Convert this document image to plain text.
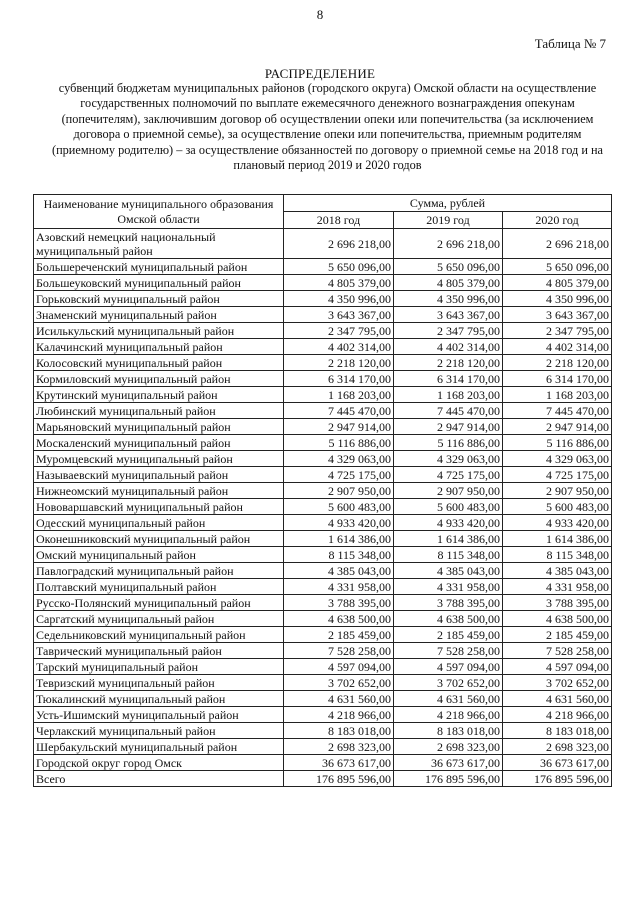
8
Таблица № 7
РАСПРЕДЕЛЕНИЕ
субвенций бюджетам муниципальных районов (городского округа) Омской области на осуществление государственных полномочий по выплате ежемесячного денежного вознаграждения опекунам (попечителям), заключившим договор об осуществлении опеки или попечительства (за исключением договора о приемной семье), за осуществление опеки или попечительства, приемным родителям (приемному родителю) – за осуществление обязанностей по договору о приемной семье на 2018 год и на плановый период 2019 и 2020 годов
Наименование муниципального образования Омской области	Сумма, рублей		
	2018 год	2019 год	2020 год
Азовский немецкий национальный муниципальный район	2 696 218,00	2 696 218,00	2 696 218,00
Большереченский муниципальный район	5 650 096,00	5 650 096,00	5 650 096,00
Большеуковский муниципальный район	4 805 379,00	4 805 379,00	4 805 379,00
Горьковский муниципальный район	4 350 996,00	4 350 996,00	4 350 996,00
Знаменский муниципальный район	3 643 367,00	3 643 367,00	3 643 367,00
Исилькульский муниципальный район	2 347 795,00	2 347 795,00	2 347 795,00
Калачинский муниципальный район	4 402 314,00	4 402 314,00	4 402 314,00
Колосовский муниципальный район	2 218 120,00	2 218 120,00	2 218 120,00
Кормиловский муниципальный район	6 314 170,00	6 314 170,00	6 314 170,00
Крутинский муниципальный район	1 168 203,00	1 168 203,00	1 168 203,00
Любинский муниципальный район	7 445 470,00	7 445 470,00	7 445 470,00
Марьяновский муниципальный район	2 947 914,00	2 947 914,00	2 947 914,00
Москаленский муниципальный район	5 116 886,00	5 116 886,00	5 116 886,00
Муромцевский муниципальный район	4 329 063,00	4 329 063,00	4 329 063,00
Называевский муниципальный район	4 725 175,00	4 725 175,00	4 725 175,00
Нижнеомский муниципальный район	2 907 950,00	2 907 950,00	2 907 950,00
Нововаршавский муниципальный район	5 600 483,00	5 600 483,00	5 600 483,00
Одесский муниципальный район	4 933 420,00	4 933 420,00	4 933 420,00
Оконешниковский муниципальный район	1 614 386,00	1 614 386,00	1 614 386,00
Омский муниципальный район	8 115 348,00	8 115 348,00	8 115 348,00
Павлоградский муниципальный район	4 385 043,00	4 385 043,00	4 385 043,00
Полтавский муниципальный район	4 331 958,00	4 331 958,00	4 331 958,00
Русско-Полянский муниципальный район	3 788 395,00	3 788 395,00	3 788 395,00
Саргатский муниципальный район	4 638 500,00	4 638 500,00	4 638 500,00
Седельниковский муниципальный район	2 185 459,00	2 185 459,00	2 185 459,00
Таврический муниципальный район	7 528 258,00	7 528 258,00	7 528 258,00
Тарский муниципальный район	4 597 094,00	4 597 094,00	4 597 094,00
Тевризский муниципальный район	3 702 652,00	3 702 652,00	3 702 652,00
Тюкалинский муниципальный район	4 631 560,00	4 631 560,00	4 631 560,00
Усть-Ишимский муниципальный район	4 218 966,00	4 218 966,00	4 218 966,00
Черлакский муниципальный район	8 183 018,00	8 183 018,00	8 183 018,00
Шербакульский муниципальный район	2 698 323,00	2 698 323,00	2 698 323,00
Городской округ город Омск	36 673 617,00	36 673 617,00	36 673 617,00
Всего	176 895 596,00	176 895 596,00	176 895 596,00
